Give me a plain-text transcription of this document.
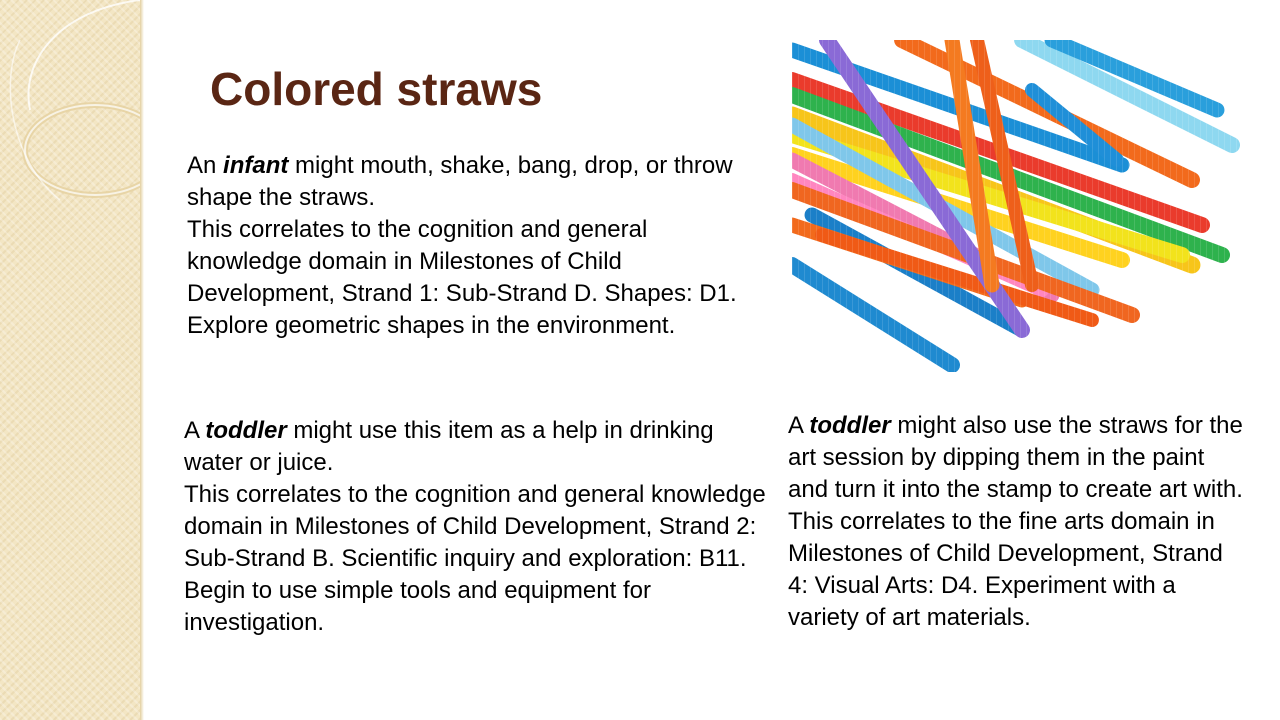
Colored straws

An infant might mouth, shake, bang, drop, or throw shape the straws.

This correlates to the cognition and general knowledge domain in Milestones of Child Development, Strand 1: Sub-Strand D. Shapes: D1. Explore geometric shapes in the environment.

A toddler might use this item as a help in drinking water or juice.

This correlates to the cognition and general knowledge domain in Milestones of Child Development, Strand 2: Sub-Strand B. Scientific inquiry and exploration: B11. Begin to use simple tools and equipment for investigation.

A toddler might also use the straws for the art session by dipping them in the paint and turn it into the stamp to create art with.

This correlates to the fine arts domain in Milestones of Child Development, Strand 4: Visual Arts: D4. Experiment with a variety of art materials.
